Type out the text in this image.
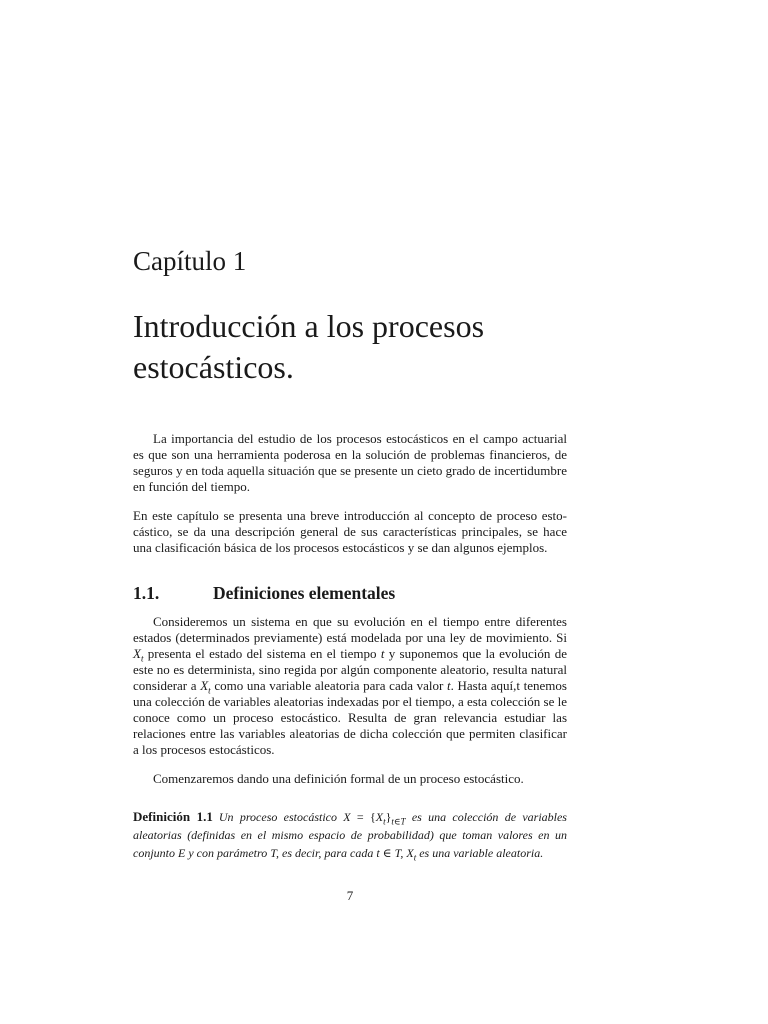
Capítulo 1
Introducción a los procesos
estocásticos.

La importancia del estudio de los procesos estocásticos en el campo actuarial es que son una herramienta poderosa en la solución de problemas financieros, de seguros y en toda aquella situación que se presente un cieto grado de incertidumbre en función del tiempo.

En este capítulo se presenta una breve introducción al concepto de proceso estocástico, se da una descripción general de sus características principales, se hace una clasificación básica de los procesos estocásticos y se dan algunos ejemplos.

1.1.	Definiciones elementales

Consideremos un sistema en que su evolución en el tiempo entre diferentes estados (determinados previamente) está modelada por una ley de movimiento. Si $X_t$ presenta el estado del sistema en el tiempo t y suponemos que la evolución de este no es determinista, sino regida por algún componente aleatorio, resulta natural considerar a $X_t$ como una variable aleatoria para cada valor t. Hasta aquí,t tenemos una colección de variables aleatorias indexadas por el tiempo, a esta colección se le conoce como un proceso estocástico. Resulta de gran relevancia estudiar las relaciones entre las variables aleatorias de dicha colección que permiten clasificar a los procesos estocásticos.

Comenzaremos dando una definición formal de un proceso estocástico.

Definición 1.1 Un proceso estocástico $X = \{X_t\}_{t\in T}$ es una colección de variables aleatorias (definidas en el mismo espacio de probabilidad) que toman valores en un conjunto E y con parámetro T, es decir, para cada t ∈ T, $X_t$ es una variable aleatoria.

7
